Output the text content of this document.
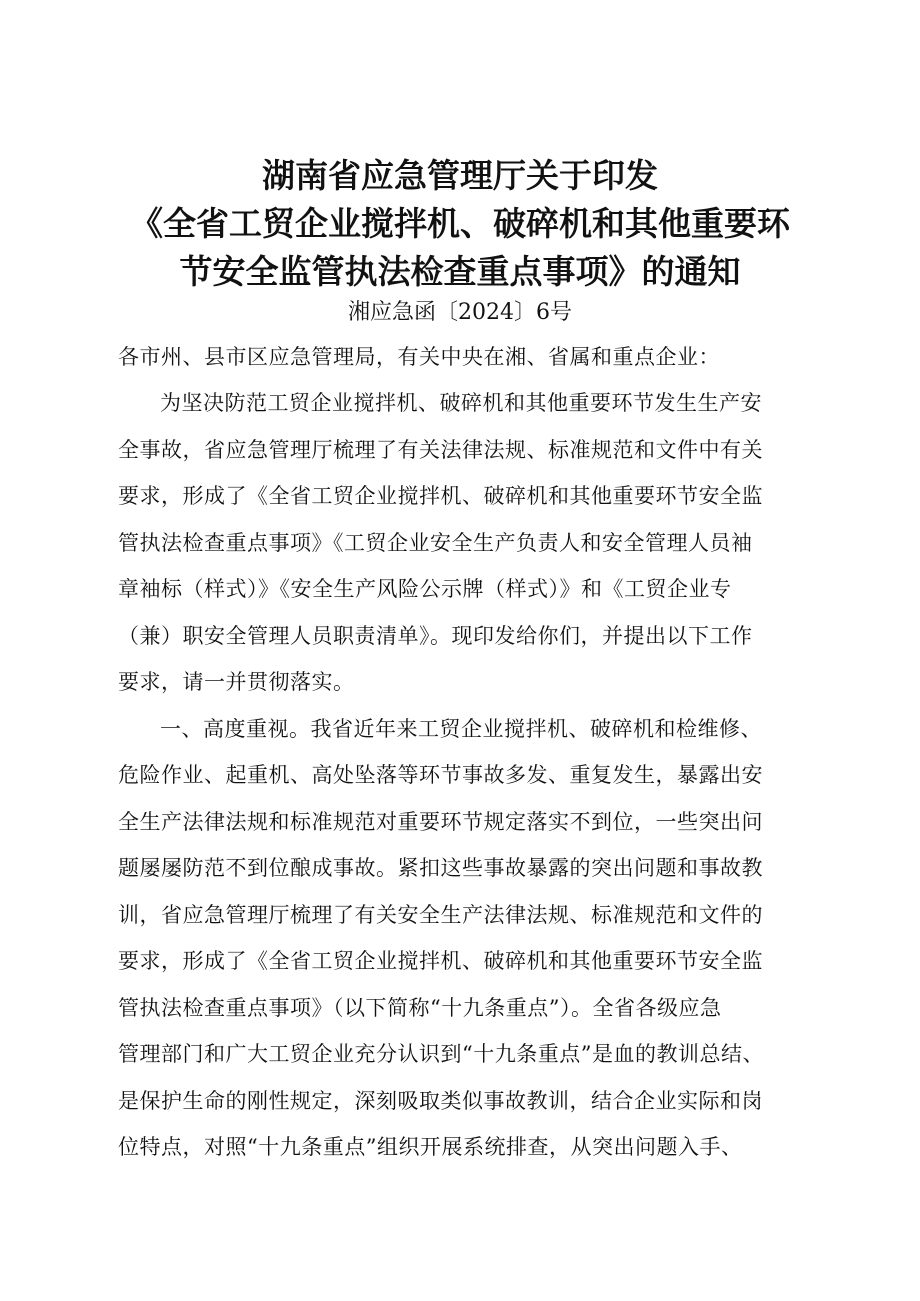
湖南省应急管理厅关于印发
《全省工贸企业搅拌机、破碎机和其他重要环
节安全监管执法检查重点事项》的通知
湘应急函〔2024〕6号
各市州、县市区应急管理局，有关中央在湘、省属和重点企业：
为坚决防范工贸企业搅拌机、破碎机和其他重要环节发生生产安
全事故，省应急管理厅梳理了有关法律法规、标准规范和文件中有关
要求，形成了《全省工贸企业搅拌机、破碎机和其他重要环节安全监
管执法检查重点事项》《工贸企业安全生产负责人和安全管理人员袖
章袖标（样式）》《安全生产风险公示牌（样式）》和《工贸企业专
（兼）职安全管理人员职责清单》。现印发给你们，并提出以下工作
要求，请一并贯彻落实。
一、高度重视。我省近年来工贸企业搅拌机、破碎机和检维修、
危险作业、起重机、高处坠落等环节事故多发、重复发生，暴露出安
全生产法律法规和标准规范对重要环节规定落实不到位，一些突出问
题屡屡防范不到位酿成事故。紧扣这些事故暴露的突出问题和事故教
训，省应急管理厅梳理了有关安全生产法律法规、标准规范和文件的
要求，形成了《全省工贸企业搅拌机、破碎机和其他重要环节安全监
管执法检查重点事项》（以下简称“十九条重点”）。全省各级应急
管理部门和广大工贸企业充分认识到“十九条重点”是血的教训总结、
是保护生命的刚性规定，深刻吸取类似事故教训，结合企业实际和岗
位特点，对照“十九条重点”组织开展系统排查，从突出问题入手、
